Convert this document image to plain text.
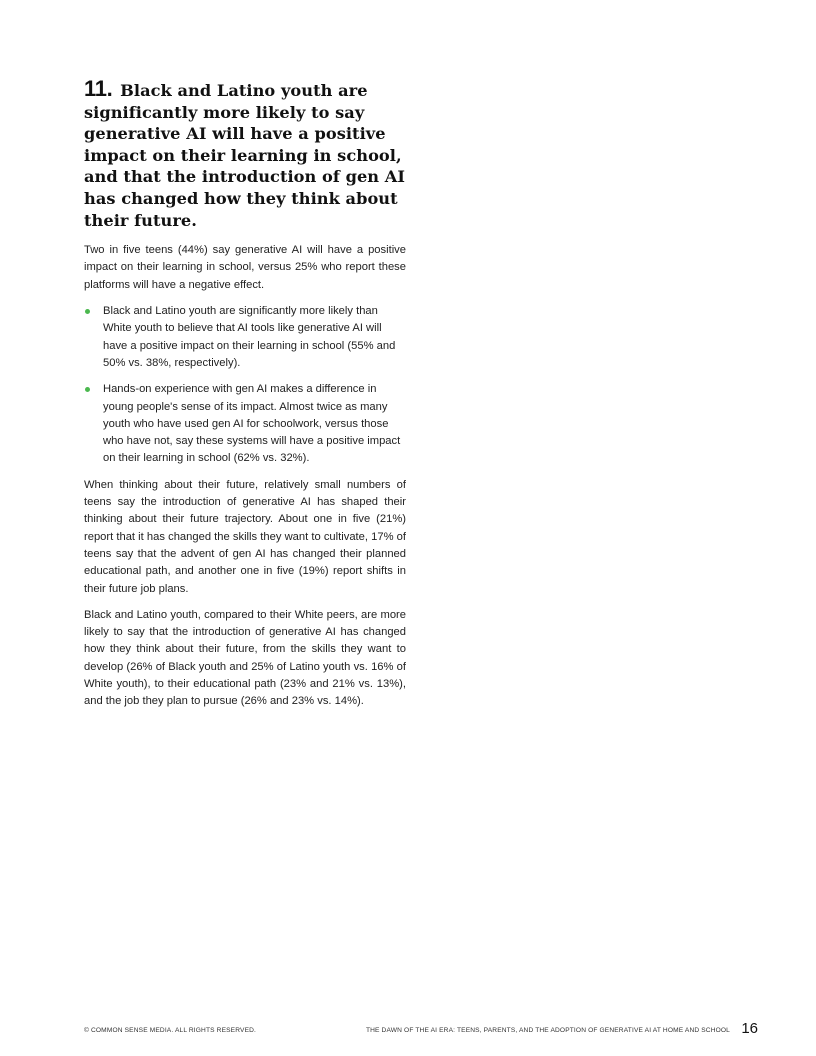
11. Black and Latino youth are significantly more likely to say generative AI will have a positive impact on their learning in school, and that the introduction of gen AI has changed how they think about their future.

Two in five teens (44%) say generative AI will have a positive impact on their learning in school, versus 25% who report these platforms will have a negative effect.

Black and Latino youth are significantly more likely than White youth to believe that AI tools like generative AI will have a positive impact on their learning in school (55% and 50% vs. 38%, respectively).
Hands-on experience with gen AI makes a difference in young people's sense of its impact. Almost twice as many youth who have used gen AI for schoolwork, versus those who have not, say these systems will have a positive impact on their learning in school (62% vs. 32%).

When thinking about their future, relatively small numbers of teens say the introduction of generative AI has shaped their thinking about their future trajectory. About one in five (21%) report that it has changed the skills they want to cultivate, 17% of teens say that the advent of gen AI has changed their planned educational path, and another one in five (19%) report shifts in their future job plans.

Black and Latino youth, compared to their White peers, are more likely to say that the introduction of generative AI has changed how they think about their future, from the skills they want to develop (26% of Black youth and 25% of Latino youth vs. 16% of White youth), to their educational path (23% and 21% vs. 13%), and the job they plan to pursue (26% and 23% vs. 14%).

© COMMON SENSE MEDIA. ALL RIGHTS RESERVED.	THE DAWN OF THE AI ERA: TEENS, PARENTS, AND THE ADOPTION OF GENERATIVE AI AT HOME AND SCHOOL 16
